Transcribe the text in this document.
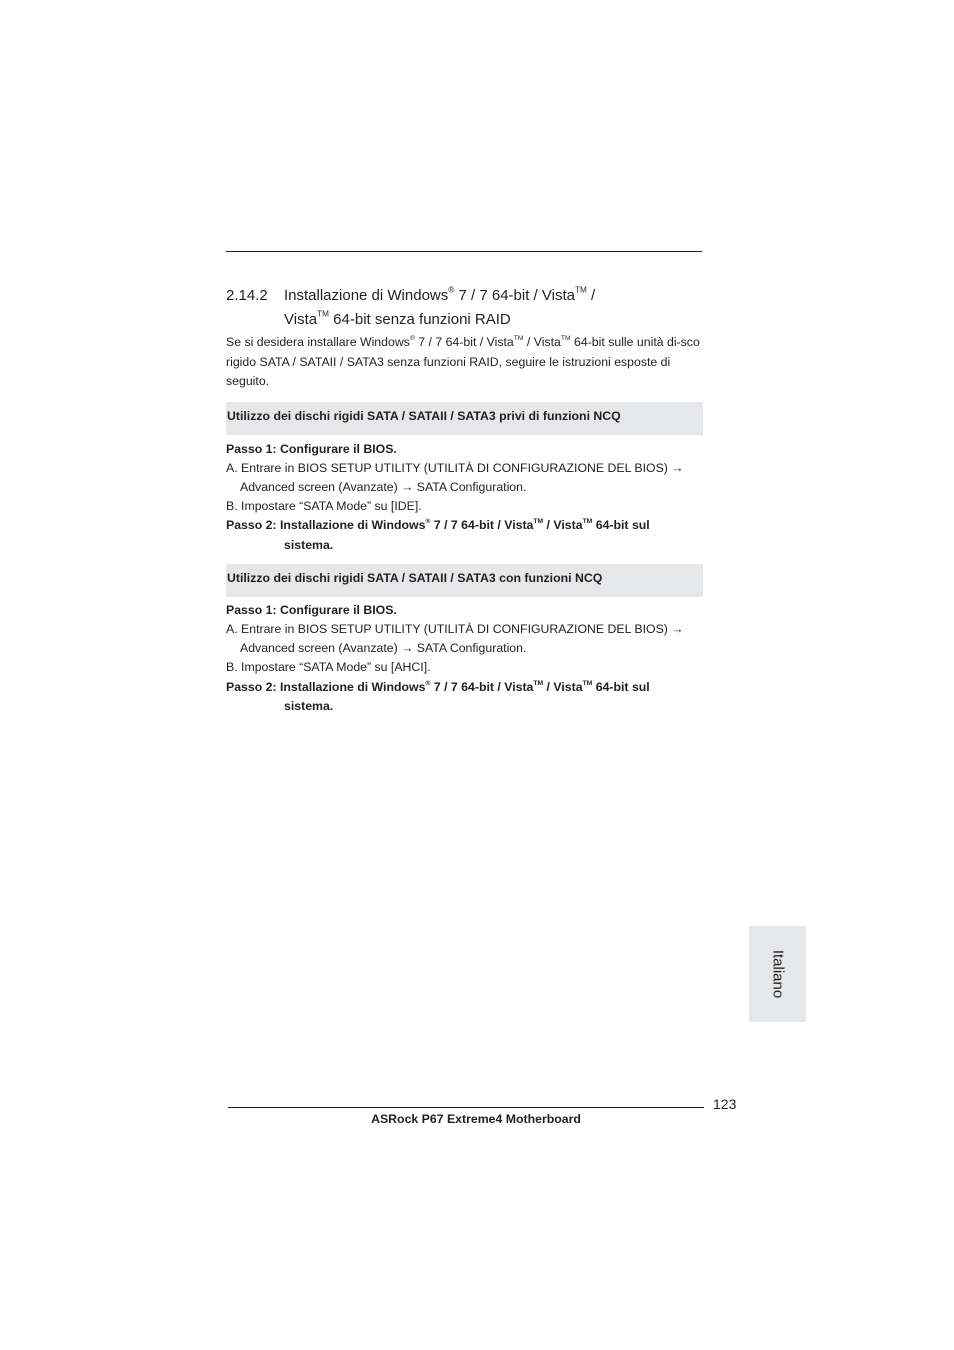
2.14.2 Installazione di Windows® 7 / 7 64-bit / Vista™ /
Vista™ 64-bit senza funzioni RAID
Se si desidera installare Windows® 7 / 7 64-bit / Vista™ / Vista™ 64-bit sulle unità di-sco rigido SATA / SATAII / SATA3 senza funzioni RAID, seguire le istruzioni esposte di seguito.
Utilizzo dei dischi rigidi SATA / SATAII / SATA3 privi di funzioni NCQ
Passo 1: Configurare il BIOS.
A. Entrare in BIOS SETUP UTILITY (UTILITÀ DI CONFIGURAZIONE DEL BIOS) →
Advanced screen (Avanzate) → SATA Configuration.
B. Impostare “SATA Mode” su [IDE].
Passo 2: Installazione di Windows® 7 / 7 64-bit / Vista™ / Vista™ 64-bit sul
sistema.
Utilizzo dei dischi rigidi SATA / SATAII / SATA3 con funzioni NCQ
Passo 1: Configurare il BIOS.
A. Entrare in BIOS SETUP UTILITY (UTILITÀ DI CONFIGURAZIONE DEL BIOS) →
Advanced screen (Avanzate) → SATA Configuration.
B. Impostare “SATA Mode” su [AHCI].
Passo 2: Installazione di Windows® 7 / 7 64-bit / Vista™ / Vista™ 64-bit sul
sistema.
Italiano
123
ASRock P67 Extreme4 Motherboard
